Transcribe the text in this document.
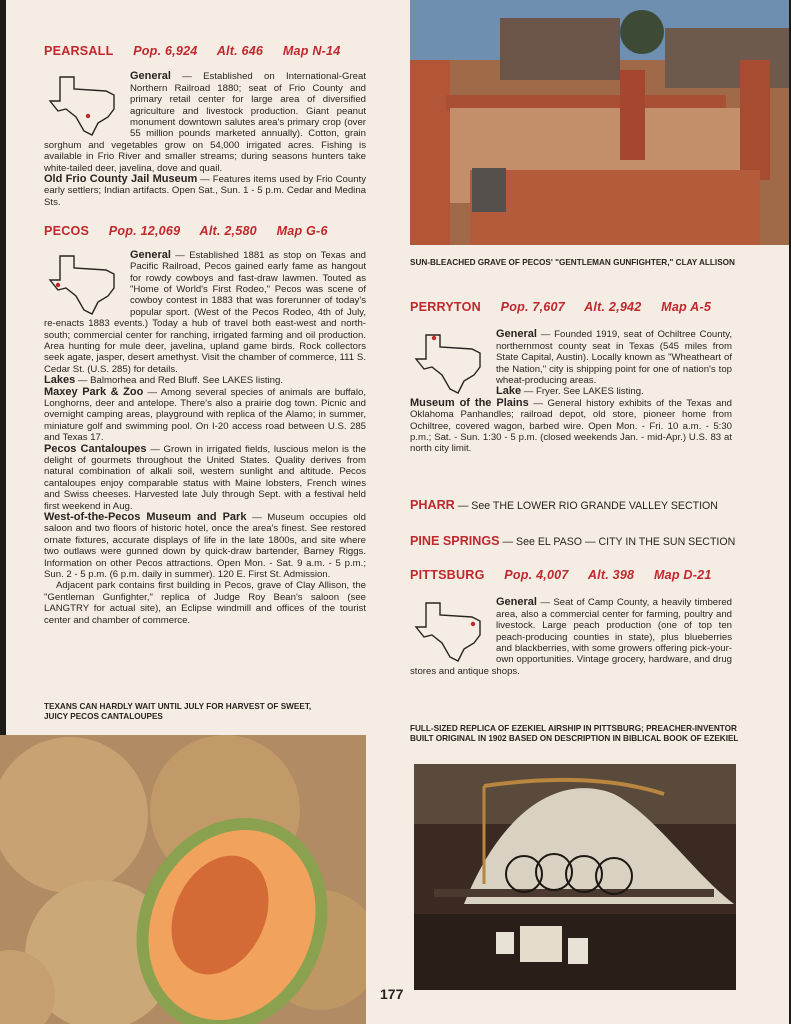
PEARSALL Pop. 6,924 Alt. 646 Map N-14

General — Established on International-Great Northern Railroad 1880; seat of Frio County and primary retail center for large area of diversified agriculture and livestock production. Giant peanut monument downtown salutes area's primary crop (over 55 million pounds marketed annually). Cotton, grain sorghum and vegetables grow on 54,000 irrigated acres. Fishing is available in Frio River and smaller streams; during seasons hunters take white-tailed deer, javelina, dove and quail.

Old Frio County Jail Museum — Features items used by Frio County early settlers; Indian artifacts. Open Sat., Sun. 1 - 5 p.m. Cedar and Medina Sts.

PECOS Pop. 12,069 Alt. 2,580 Map G-6

General — Established 1881 as stop on Texas and Pacific Railroad, Pecos gained early fame as hangout for rowdy cowboys and fast-draw lawmen. Touted as "Home of World's First Rodeo," Pecos was scene of cowboy contest in 1883 that was forerunner of today's popular sport. (West of the Pecos Rodeo, 4th of July, re-enacts 1883 events.) Today a hub of travel both east-west and north-south; commercial center for ranching, irrigated farming and oil production. Area hunting for mule deer, javelina, upland game birds. Rock collectors seek agate, jasper, desert amethyst. Visit the chamber of commerce, 111 S. Cedar St. (U.S. 285) for details.

Lakes — Balmorhea and Red Bluff. See LAKES listing.

Maxey Park & Zoo — Among several species of animals are buffalo, Longhorns, deer and antelope. There's also a prairie dog town. Picnic and overnight camping areas, playground with replica of the Alamo; in summer, miniature golf and swimming pool. On I-20 access road between U.S. 285 and Texas 17.

Pecos Cantaloupes — Grown in irrigated fields, luscious melon is the delight of gourmets throughout the United States. Quality derives from natural combination of alkali soil, western sunlight and altitude. Pecos cantaloupes enjoy comparable status with Maine lobsters, French wines and Swiss cheeses. Harvested late July through Sept. with a festival held first weekend in Aug.

West-of-the-Pecos Museum and Park — Museum occupies old saloon and two floors of historic hotel, once the area's finest. See restored ornate fixtures, accurate displays of life in the late 1800s, and site where two outlaws were gunned down by quick-draw bartender, Barney Riggs. Information on other Pecos attractions. Open Mon. - Sat. 9 a.m. - 5 p.m.; Sun. 2 - 5 p.m. (6 p.m. daily in summer). 120 E. First St. Admission.

Adjacent park contains first building in Pecos, grave of Clay Allison, the "Gentleman Gunfighter," replica of Judge Roy Bean's saloon (see LANGTRY for actual site), an Eclipse windmill and offices of the tourist center and chamber of commerce.

TEXANS CAN HARDLY WAIT UNTIL JULY FOR HARVEST OF SWEET, JUICY PECOS CANTALOUPES
SUN-BLEACHED GRAVE OF PECOS' "GENTLEMAN GUNFIGHTER," CLAY ALLISON
PERRYTON Pop. 7,607 Alt. 2,942 Map A-5

General — Founded 1919, seat of Ochiltree County, northernmost county seat in Texas (545 miles from State Capital, Austin). Locally known as "Wheatheart of the Nation," city is shipping point for one of nation's top wheat-producing areas.

Lake — Fryer. See LAKES listing.

Museum of the Plains — General history exhibits of the Texas and Oklahoma Panhandles; railroad depot, old store, pioneer home from Ochiltree, covered wagon, barbed wire. Open Mon. - Fri. 10 a.m. - 5:30 p.m.; Sat. - Sun. 1:30 - 5 p.m. (closed weekends Jan. - mid-Apr.) U.S. 83 at north city limit.

PHARR — See THE LOWER RIO GRANDE VALLEY SECTION
PINE SPRINGS — See EL PASO — CITY IN THE SUN SECTION
PITTSBURG Pop. 4,007 Alt. 398 Map D-21

General — Seat of Camp County, a heavily timbered area, also a commercial center for farming, poultry and livestock. Large peach production (one of top ten peach-producing counties in state), plus blueberries and blackberries, with some growers offering pick-your-own opportunities. Vintage grocery, hardware, and drug stores and antique shops.

FULL-SIZED REPLICA OF EZEKIEL AIRSHIP IN PITTSBURG; PREACHER-INVENTOR BUILT ORIGINAL IN 1902 BASED ON DESCRIPTION IN BIBLICAL BOOK OF EZEKIEL
177
